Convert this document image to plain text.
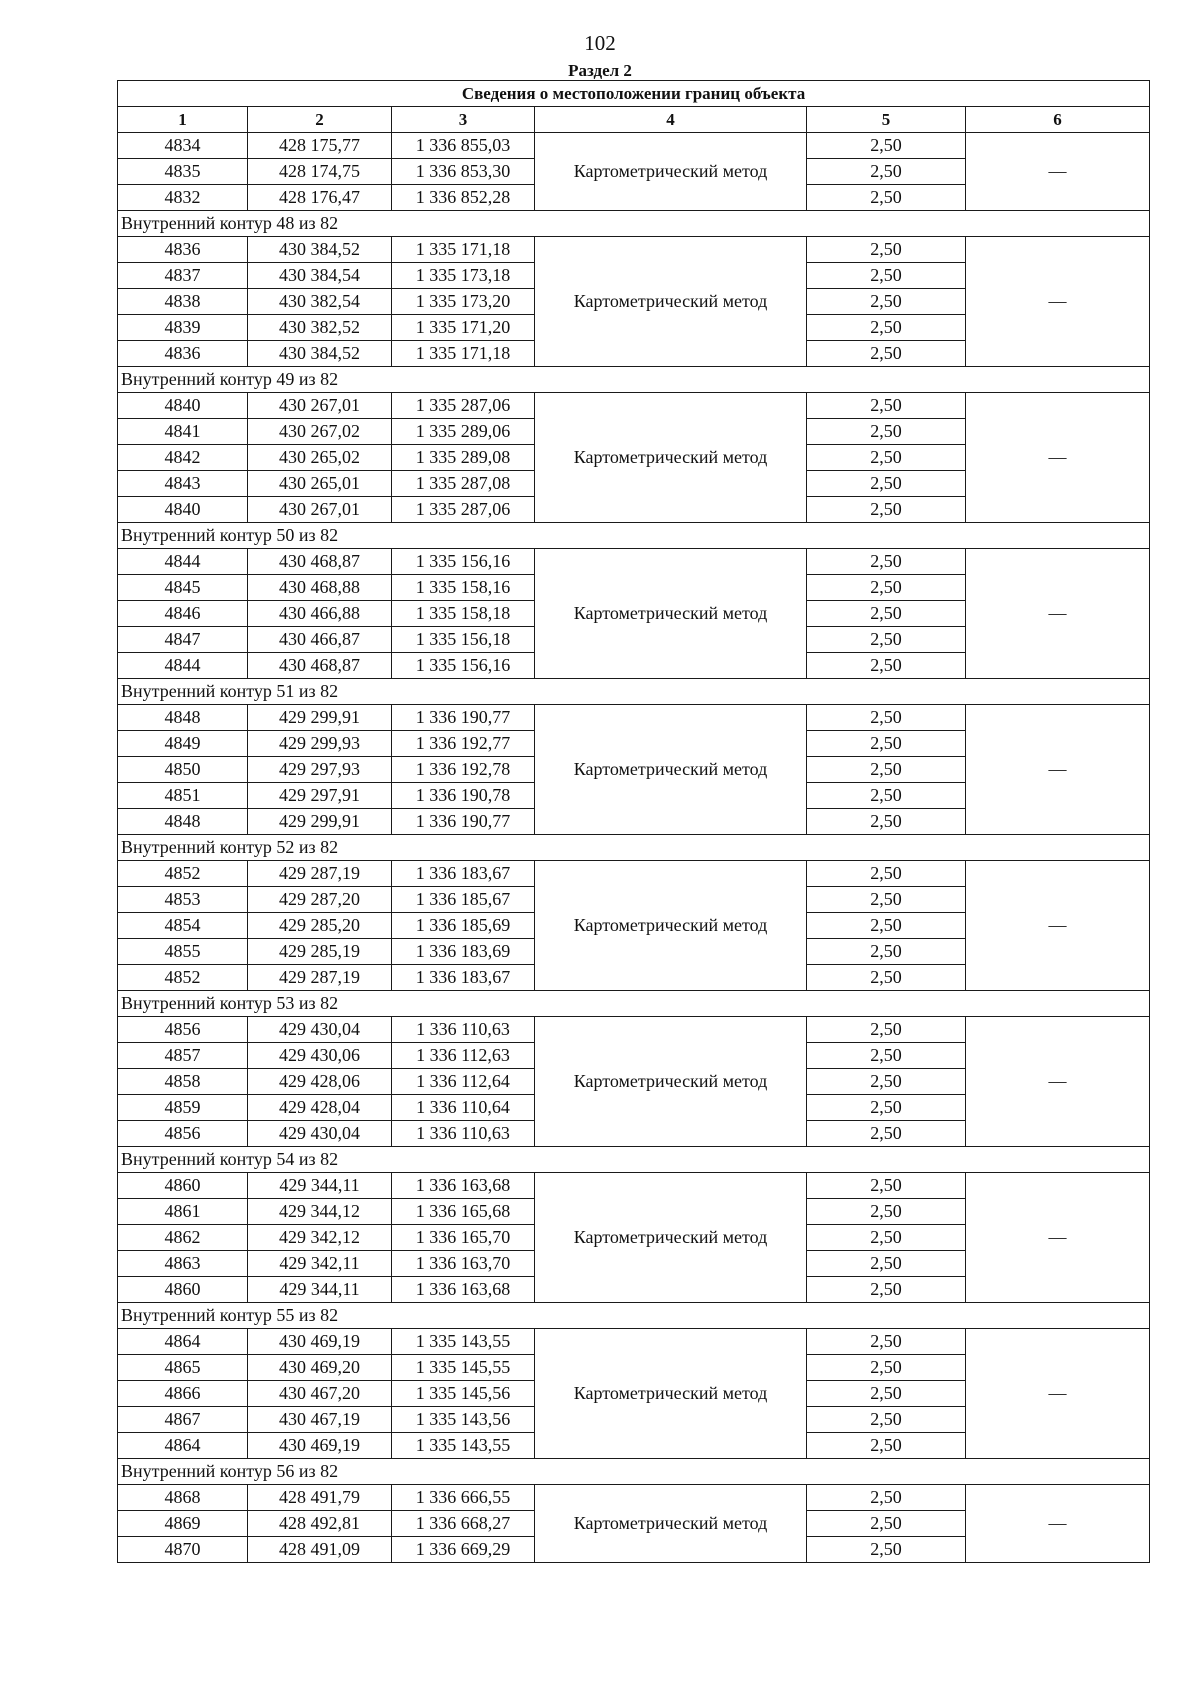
102
Раздел 2
Сведения о местоположении границ объекта					
1	2	3	4	5	6
4834	428 175,77	1 336 855,03	Картометрический метод	2,50	—
4835	428 174,75	1 336 853,30		2,50	
4832	428 176,47	1 336 852,28		2,50	
Внутренний контур 48 из 82					
4836	430 384,52	1 335 171,18	Картометрический метод	2,50	—
4837	430 384,54	1 335 173,18		2,50	
4838	430 382,54	1 335 173,20		2,50	
4839	430 382,52	1 335 171,20		2,50	
4836	430 384,52	1 335 171,18		2,50	
Внутренний контур 49 из 82					
4840	430 267,01	1 335 287,06	Картометрический метод	2,50	—
4841	430 267,02	1 335 289,06		2,50	
4842	430 265,02	1 335 289,08		2,50	
4843	430 265,01	1 335 287,08		2,50	
4840	430 267,01	1 335 287,06		2,50	
Внутренний контур 50 из 82					
4844	430 468,87	1 335 156,16	Картометрический метод	2,50	—
4845	430 468,88	1 335 158,16		2,50	
4846	430 466,88	1 335 158,18		2,50	
4847	430 466,87	1 335 156,18		2,50	
4844	430 468,87	1 335 156,16		2,50	
Внутренний контур 51 из 82					
4848	429 299,91	1 336 190,77	Картометрический метод	2,50	—
4849	429 299,93	1 336 192,77		2,50	
4850	429 297,93	1 336 192,78		2,50	
4851	429 297,91	1 336 190,78		2,50	
4848	429 299,91	1 336 190,77		2,50	
Внутренний контур 52 из 82					
4852	429 287,19	1 336 183,67	Картометрический метод	2,50	—
4853	429 287,20	1 336 185,67		2,50	
4854	429 285,20	1 336 185,69		2,50	
4855	429 285,19	1 336 183,69		2,50	
4852	429 287,19	1 336 183,67		2,50	
Внутренний контур 53 из 82					
4856	429 430,04	1 336 110,63	Картометрический метод	2,50	—
4857	429 430,06	1 336 112,63		2,50	
4858	429 428,06	1 336 112,64		2,50	
4859	429 428,04	1 336 110,64		2,50	
4856	429 430,04	1 336 110,63		2,50	
Внутренний контур 54 из 82					
4860	429 344,11	1 336 163,68	Картометрический метод	2,50	—
4861	429 344,12	1 336 165,68		2,50	
4862	429 342,12	1 336 165,70		2,50	
4863	429 342,11	1 336 163,70		2,50	
4860	429 344,11	1 336 163,68		2,50	
Внутренний контур 55 из 82					
4864	430 469,19	1 335 143,55	Картометрический метод	2,50	—
4865	430 469,20	1 335 145,55		2,50	
4866	430 467,20	1 335 145,56		2,50	
4867	430 467,19	1 335 143,56		2,50	
4864	430 469,19	1 335 143,55		2,50	
Внутренний контур 56 из 82					
4868	428 491,79	1 336 666,55	Картометрический метод	2,50	—
4869	428 492,81	1 336 668,27		2,50	
4870	428 491,09	1 336 669,29		2,50	
